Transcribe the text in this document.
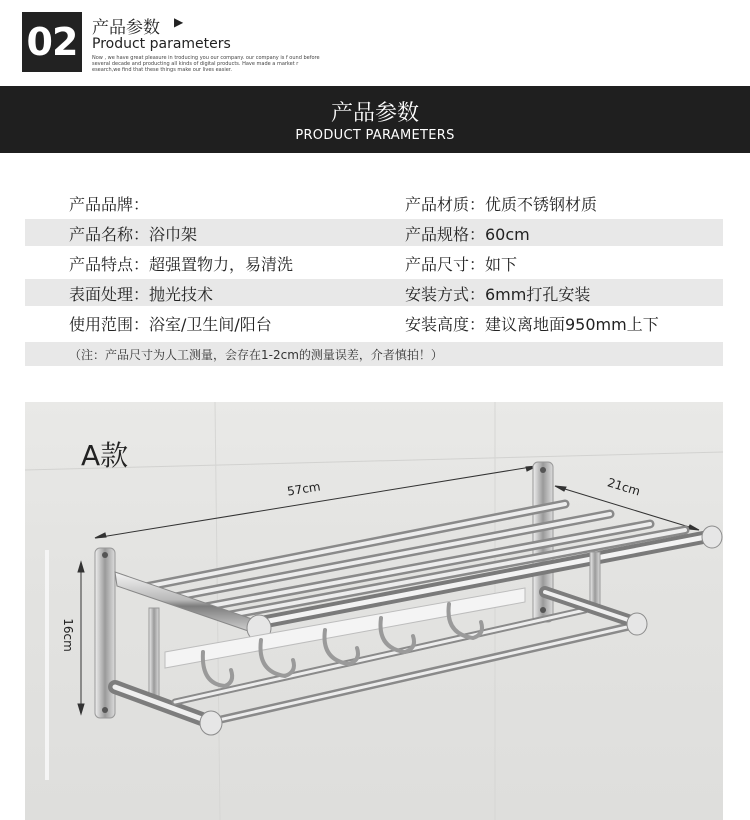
02 产品参数 ▶
Product parameters
Now , we have great pleasure in troducing you our company. our company is f ound before several decade and producting all kinds of digital products. Have made a market r esearch,we find that these things make our lives easier.
产品参数
PRODUCT PARAMETERS
产品品牌：	产品材质：优质不锈钢材质
产品名称：浴巾架	产品规格：60cm
产品特点：超强置物力，易清洗	产品尺寸：如下
表面处理：抛光技术	安装方式：6mm打孔安装
使用范围：浴室/卫生间/阳台	安装高度：建议离地面950mm上下
（注：产品尺寸为人工测量，会存在1-2cm的测量误差，介者慎拍！）
A款
57cm	21cm
16cm
